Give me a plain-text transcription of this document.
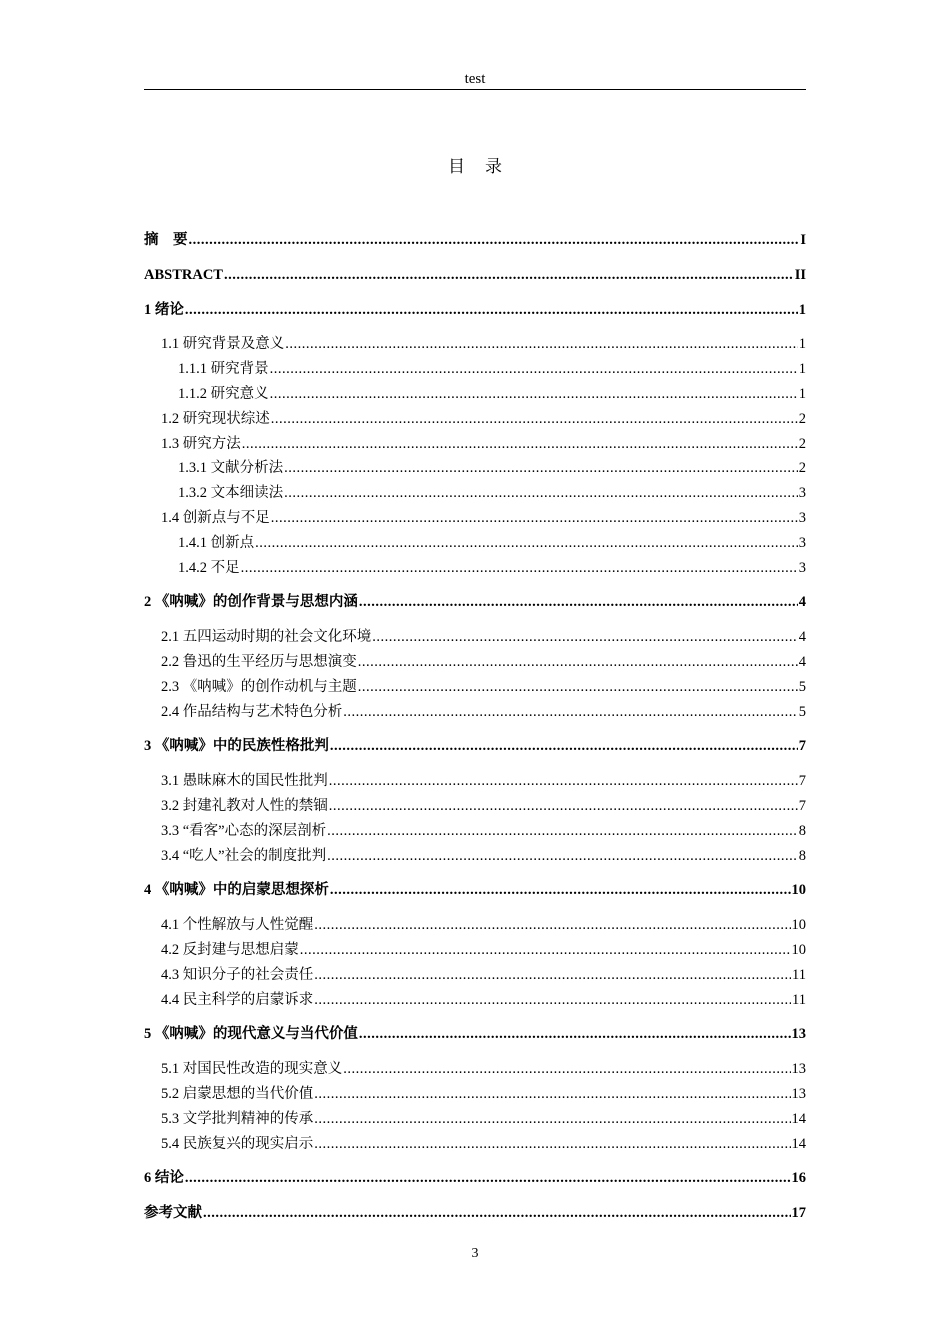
test
目 录
摘　要 .....	I
ABSTRACT .....	II
1 绪论 .....	1
1.1 研究背景及意义 .....	1
1.1.1 研究背景 .....	1
1.1.2 研究意义 .....	1
1.2 研究现状综述 .....	2
1.3 研究方法 .....	2
1.3.1 文献分析法 .....	2
1.3.2 文本细读法 .....	3
1.4 创新点与不足 .....	3
1.4.1 创新点 .....	3
1.4.2 不足 .....	3
2 《呐喊》的创作背景与思想内涵 .....	4
2.1 五四运动时期的社会文化环境 .....	4
2.2 鲁迅的生平经历与思想演变 .....	4
2.3 《呐喊》的创作动机与主题 .....	5
2.4 作品结构与艺术特色分析 .....	5
3 《呐喊》中的民族性格批判 .....	7
3.1 愚昧麻木的国民性批判 .....	7
3.2 封建礼教对人性的禁锢 .....	7
3.3 “看客”心态的深层剖析 .....	8
3.4 “吃人”社会的制度批判 .....	8
4 《呐喊》中的启蒙思想探析 .....	10
4.1 个性解放与人性觉醒 .....	10
4.2 反封建与思想启蒙 .....	10
4.3 知识分子的社会责任 .....	11
4.4 民主科学的启蒙诉求 .....	11
5 《呐喊》的现代意义与当代价值 .....	13
5.1 对国民性改造的现实意义 .....	13
5.2 启蒙思想的当代价值 .....	13
5.3 文学批判精神的传承 .....	14
5.4 民族复兴的现实启示 .....	14
6 结论 .....	16
参考文献 .....	17
3
